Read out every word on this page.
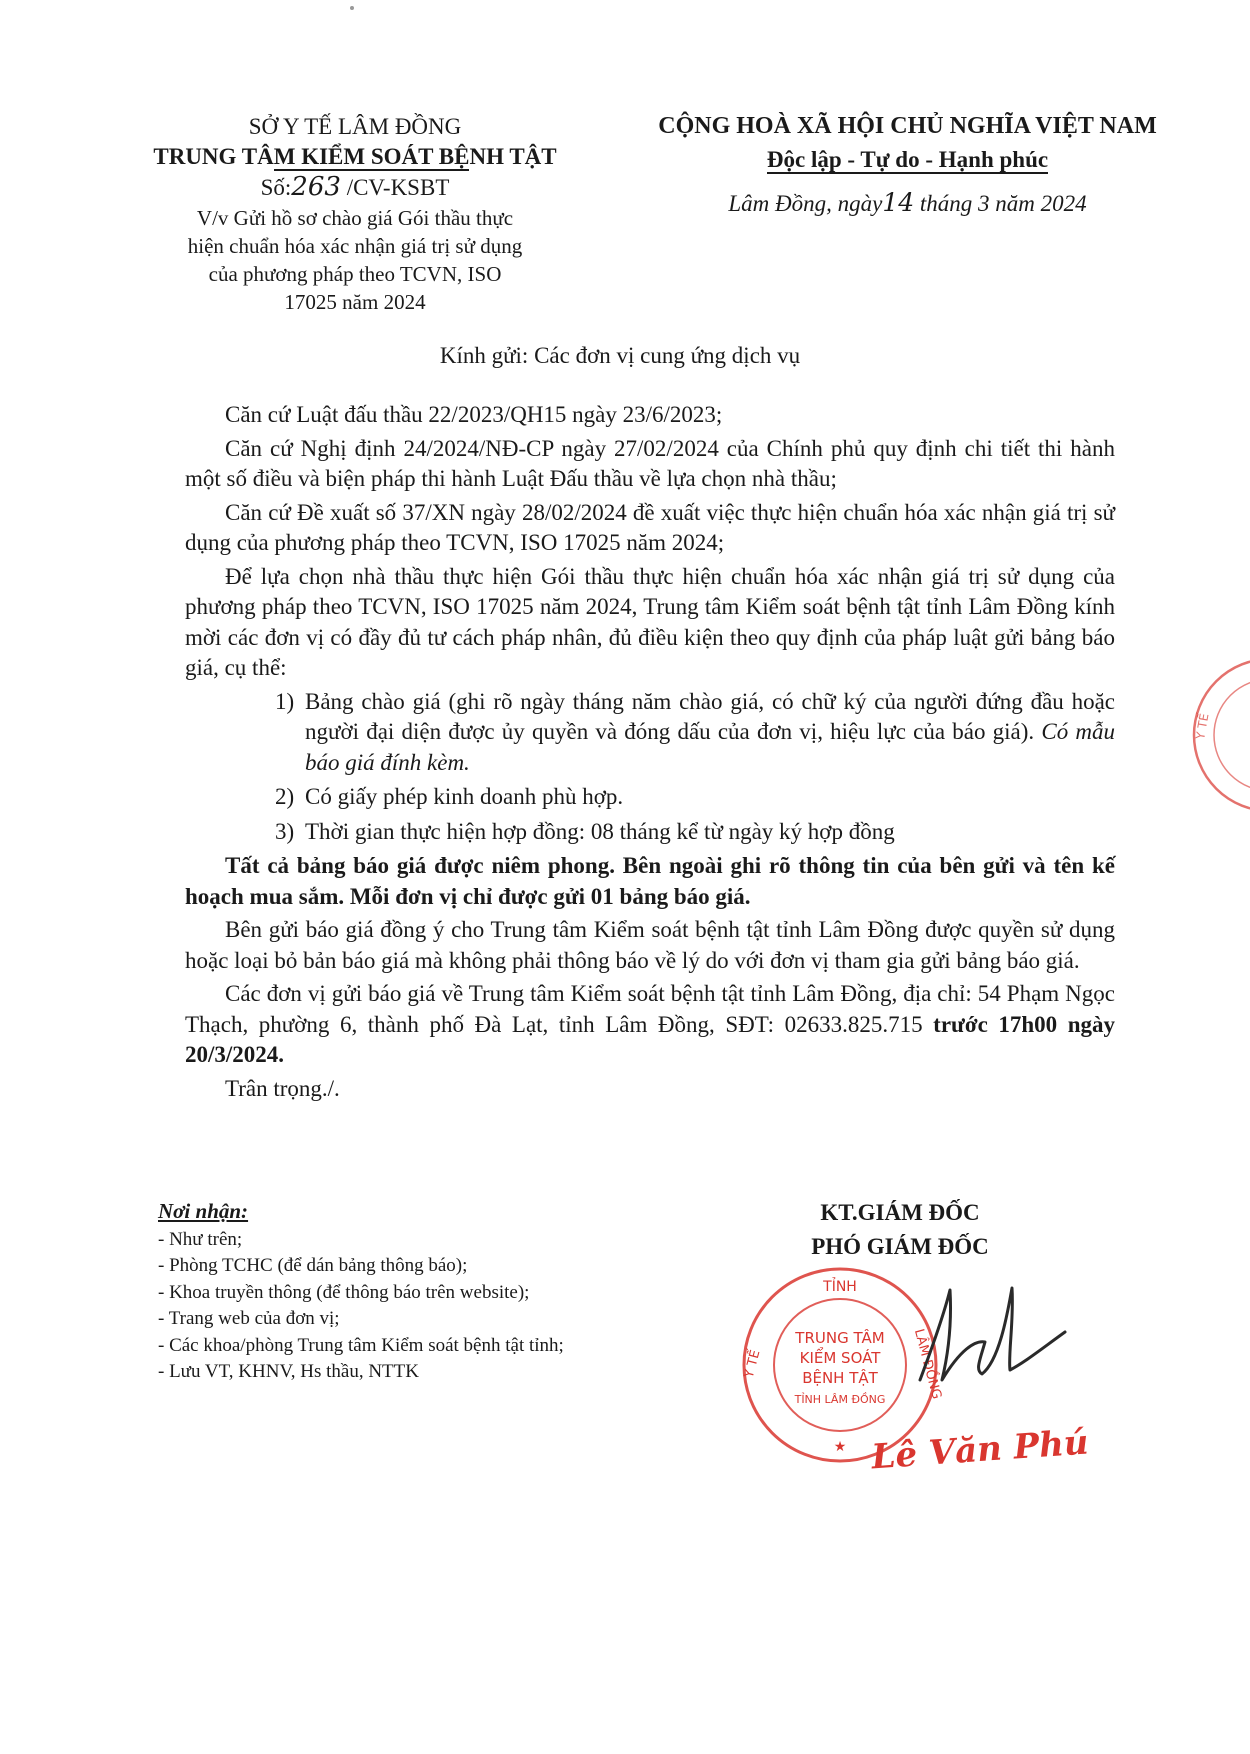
SỞ Y TẾ LÂM ĐỒNG
TRUNG TÂM KIỂM SOÁT BỆNH TẬT
Số:263 /CV-KSBT
V/v Gửi hồ sơ chào giá Gói thầu thực
hiện chuẩn hóa xác nhận giá trị sử dụng
của phương pháp theo TCVN, ISO
17025 năm 2024
CỘNG HOÀ XÃ HỘI CHỦ NGHĨA VIỆT NAM
Độc lập - Tự do - Hạnh phúc
Lâm Đồng, ngày14 tháng 3 năm 2024
Kính gửi: Các đơn vị cung ứng dịch vụ

Căn cứ Luật đấu thầu 22/2023/QH15 ngày 23/6/2023;

Căn cứ Nghị định 24/2024/NĐ-CP ngày 27/02/2024 của Chính phủ quy định chi tiết thi hành một số điều và biện pháp thi hành Luật Đấu thầu về lựa chọn nhà thầu;

Căn cứ Đề xuất số 37/XN ngày 28/02/2024 đề xuất việc thực hiện chuẩn hóa xác nhận giá trị sử dụng của phương pháp theo TCVN, ISO 17025 năm 2024;

Để lựa chọn nhà thầu thực hiện Gói thầu thực hiện chuẩn hóa xác nhận giá trị sử dụng của phương pháp theo TCVN, ISO 17025 năm 2024, Trung tâm Kiểm soát bệnh tật tỉnh Lâm Đồng kính mời các đơn vị có đầy đủ tư cách pháp nhân, đủ điều kiện theo quy định của pháp luật gửi bảng báo giá, cụ thể:

1) Bảng chào giá (ghi rõ ngày tháng năm chào giá, có chữ ký của người đứng đầu hoặc người đại diện được ủy quyền và đóng dấu của đơn vị, hiệu lực của báo giá). Có mẫu báo giá đính kèm.
2) Có giấy phép kinh doanh phù hợp.
3) Thời gian thực hiện hợp đồng: 08 tháng kể từ ngày ký hợp đồng

Tất cả bảng báo giá được niêm phong. Bên ngoài ghi rõ thông tin của bên gửi và tên kế hoạch mua sắm. Mỗi đơn vị chỉ được gửi 01 bảng báo giá.

Bên gửi báo giá đồng ý cho Trung tâm Kiểm soát bệnh tật tỉnh Lâm Đồng được quyền sử dụng hoặc loại bỏ bản báo giá mà không phải thông báo về lý do với đơn vị tham gia gửi bảng báo giá.

Các đơn vị gửi báo giá về Trung tâm Kiểm soát bệnh tật tỉnh Lâm Đồng, địa chỉ: 54 Phạm Ngọc Thạch, phường 6, thành phố Đà Lạt, tỉnh Lâm Đồng, SĐT: 02633.825.715 trước 17h00 ngày 20/3/2024.

Trân trọng./.

Nơi nhận:
- Như trên;
- Phòng TCHC (để dán bảng thông báo);
- Khoa truyền thông (để thông báo trên website);
- Trang web của đơn vị;
- Các khoa/phòng Trung tâm Kiểm soát bệnh tật tỉnh;
- Lưu VT, KHNV, Hs thầu, NTTK
KT.GIÁM ĐỐC
PHÓ GIÁM ĐỐC
TỈNH
Y TẾ	LÂM ĐỒNG
TRUNG TÂM
KIỂM SOÁT
BỆNH TẬT
TỈNH LÂM ĐỒNG
★
Y TẾ
Lê Văn Phú
